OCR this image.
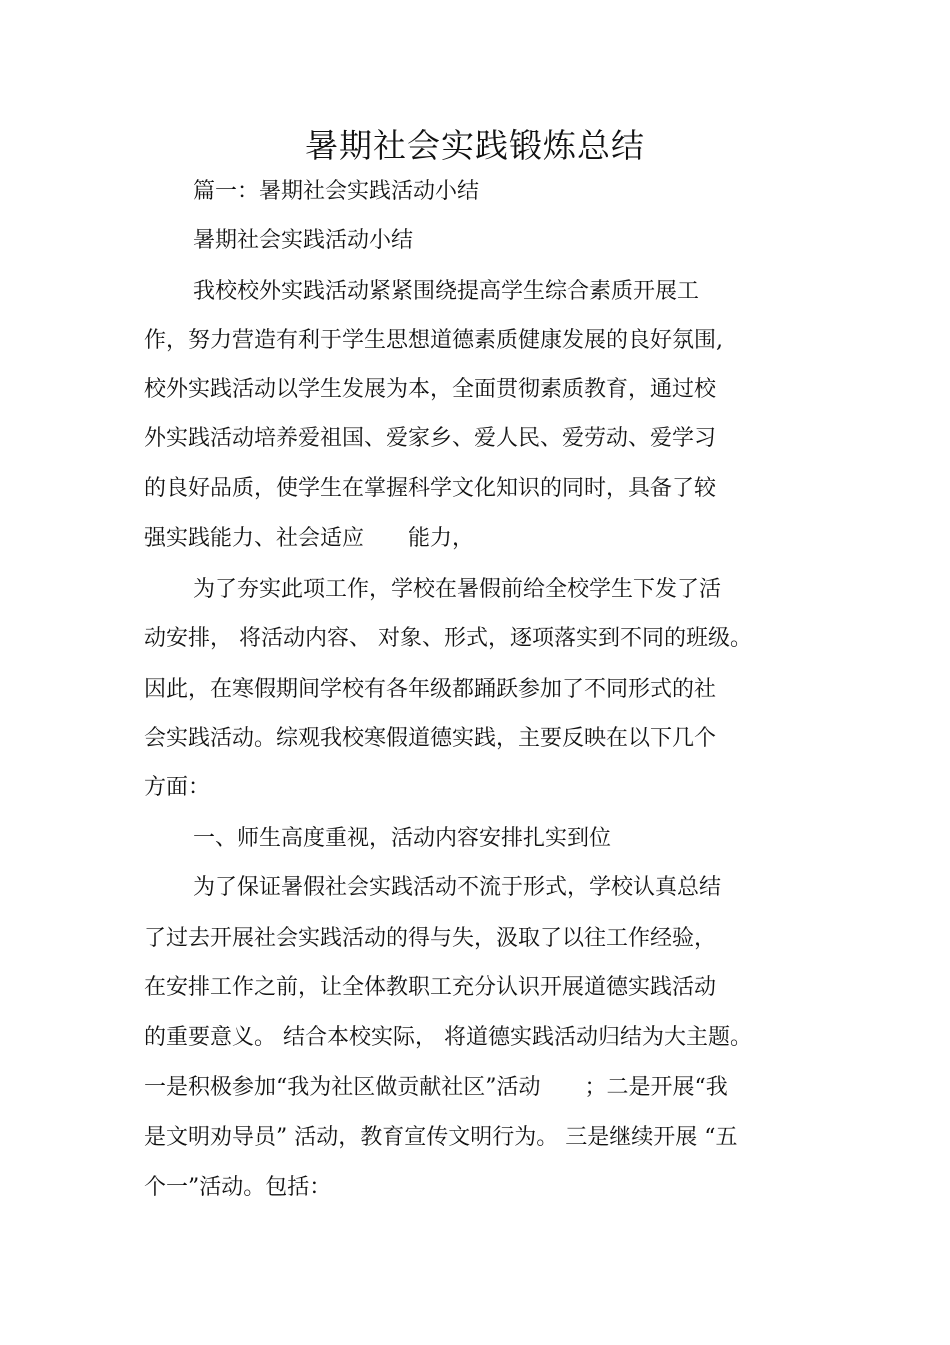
暑期社会实践锻炼总结
篇一：暑期社会实践活动小结
暑期社会实践活动小结
我校校外实践活动紧紧围绕提高学生综合素质开展工
作，努力营造有利于学生思想道德素质健康发展的良好氛围,
校外实践活动以学生发展为本，全面贯彻素质教育，通过校
外实践活动培养爱祖国、爱家乡、爱人民、爱劳动、爱学习
的良好品质，使学生在掌握科学文化知识的同时，具备了较
强实践能力、社会适应　　能力，
为了夯实此项工作，学校在暑假前给全校学生下发了活
动安排， 将活动内容、 对象、形式，逐项落实到不同的班级。
因此，在寒假期间学校有各年级都踊跃参加了不同形式的社
会实践活动。综观我校寒假道德实践，主要反映在以下几个
方面：
一、师生高度重视，活动内容安排扎实到位
为了保证暑假社会实践活动不流于形式，学校认真总结
了过去开展社会实践活动的得与失，汲取了以往工作经验，
在安排工作之前，让全体教职工充分认识开展道德实践活动
的重要意义。 结合本校实际， 将道德实践活动归结为大主题。
一是积极参加“我为社区做贡献社区”活动　　；二是开展“我
是文明劝导员” 活动，教育宣传文明行为。 三是继续开展 “五
个一”活动。包括：
